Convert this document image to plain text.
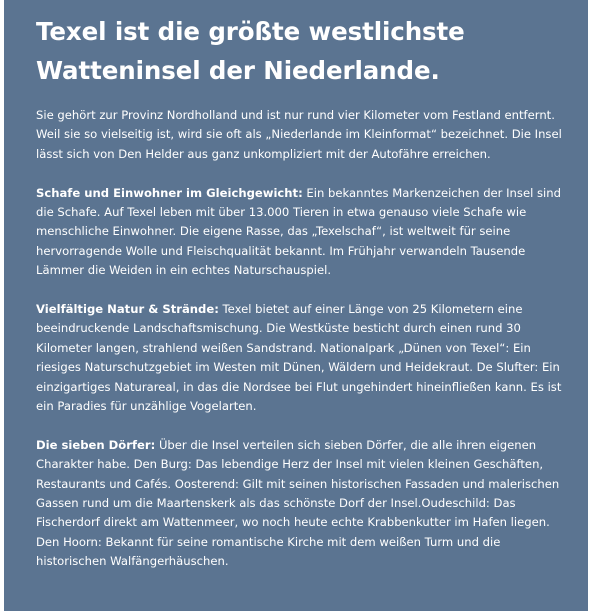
Texel ist die größte westlichste Watteninsel der Niederlande.

Sie gehört zur Provinz Nordholland und ist nur rund vier Kilometer vom Festland entfernt. Weil sie so vielseitig ist, wird sie oft als „Niederlande im Kleinformat“ bezeichnet. Die Insel lässt sich von Den Helder aus ganz unkompliziert mit der Autofähre erreichen.

Schafe und Einwohner im Gleichgewicht: Ein bekanntes Markenzeichen der Insel sind die Schafe. Auf Texel leben mit über 13.000 Tieren in etwa genauso viele Schafe wie menschliche Einwohner. Die eigene Rasse, das „Texelschaf“, ist weltweit für seine hervorragende Wolle und Fleischqualität bekannt. Im Frühjahr verwandeln Tausende Lämmer die Weiden in ein echtes Naturschauspiel.

Vielfältige Natur & Strände: Texel bietet auf einer Länge von 25 Kilometern eine beeindruckende Landschaftsmischung. Die Westküste besticht durch einen rund 30 Kilometer langen, strahlend weißen Sandstrand. Nationalpark „Dünen von Texel“: Ein riesiges Naturschutzgebiet im Westen mit Dünen, Wäldern und Heidekraut. De Slufter: Ein einzigartiges Naturareal, in das die Nordsee bei Flut ungehindert hineinfließen kann. Es ist ein Paradies für unzählige Vogelarten.

Die sieben Dörfer: Über die Insel verteilen sich sieben Dörfer, die alle ihren eigenen Charakter habe. Den Burg: Das lebendige Herz der Insel mit vielen kleinen Geschäften, Restaurants und Cafés. Oosterend: Gilt mit seinen historischen Fassaden und malerischen Gassen rund um die Maartenskerk als das schönste Dorf der Insel.Oudeschild: Das Fischerdorf direkt am Wattenmeer, wo noch heute echte Krabbenkutter im Hafen liegen. Den Hoorn: Bekannt für seine romantische Kirche mit dem weißen Turm und die historischen Walfängerhäuschen.
